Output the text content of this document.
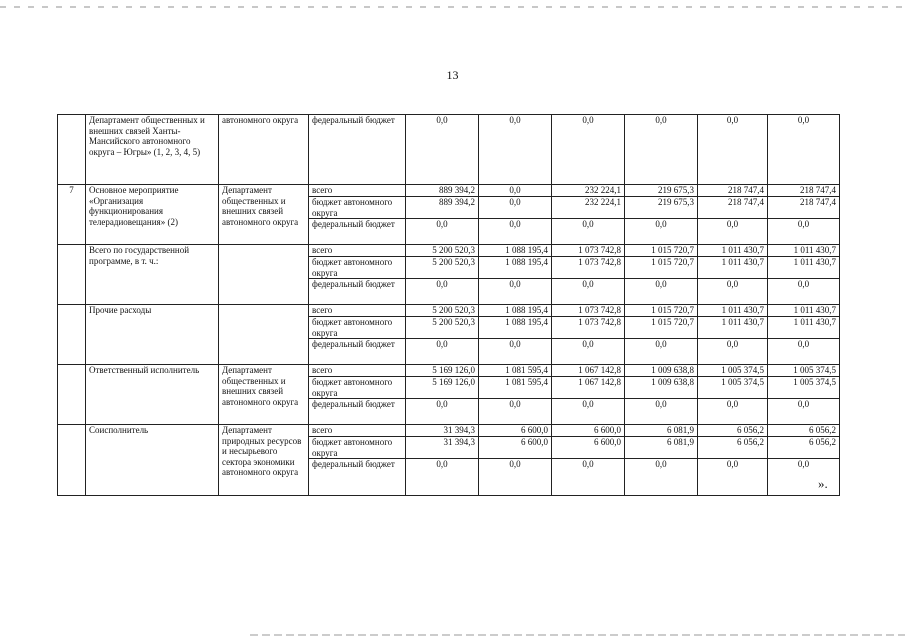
13
	Департамент общественных и внешних связей Ханты-Мансийского автономного округа – Югры» (1, 2, 3, 4, 5)	автономного округа	федеральный бюджет	0,0	0,0	0,0	0,0	0,0	0,0
7	Основное мероприятие «Организация функционирования телерадиовещания» (2)	Департамент общественных и внешних связей автономного округа	всего	889 394,2	0,0	232 224,1	219 675,3	218 747,4	218 747,4
			бюджет автономного округа	889 394,2	0,0	232 224,1	219 675,3	218 747,4	218 747,4
			федеральный бюджет	0,0	0,0	0,0	0,0	0,0	0,0
	Всего по государственной программе, в т. ч.:		всего	5 200 520,3	1 088 195,4	1 073 742,8	1 015 720,7	1 011 430,7	1 011 430,7
			бюджет автономного округа	5 200 520,3	1 088 195,4	1 073 742,8	1 015 720,7	1 011 430,7	1 011 430,7
			федеральный бюджет	0,0	0,0	0,0	0,0	0,0	0,0
	Прочие расходы		всего	5 200 520,3	1 088 195,4	1 073 742,8	1 015 720,7	1 011 430,7	1 011 430,7
			бюджет автономного округа	5 200 520,3	1 088 195,4	1 073 742,8	1 015 720,7	1 011 430,7	1 011 430,7
			федеральный бюджет	0,0	0,0	0,0	0,0	0,0	0,0
	Ответственный исполнитель	Департамент общественных и внешних связей автономного округа	всего	5 169 126,0	1 081 595,4	1 067 142,8	1 009 638,8	1 005 374,5	1 005 374,5
			бюджет автономного округа	5 169 126,0	1 081 595,4	1 067 142,8	1 009 638,8	1 005 374,5	1 005 374,5
			федеральный бюджет	0,0	0,0	0,0	0,0	0,0	0,0
	Соисполнитель	Департамент природных ресурсов и несырьевого сектора экономики автономного округа	всего	31 394,3	6 600,0	6 600,0	6 081,9	6 056,2	6 056,2
			бюджет автономного округа	31 394,3	6 600,0	6 600,0	6 081,9	6 056,2	6 056,2
			федеральный бюджет	0,0	0,0	0,0	0,0	0,0	0,0
».
